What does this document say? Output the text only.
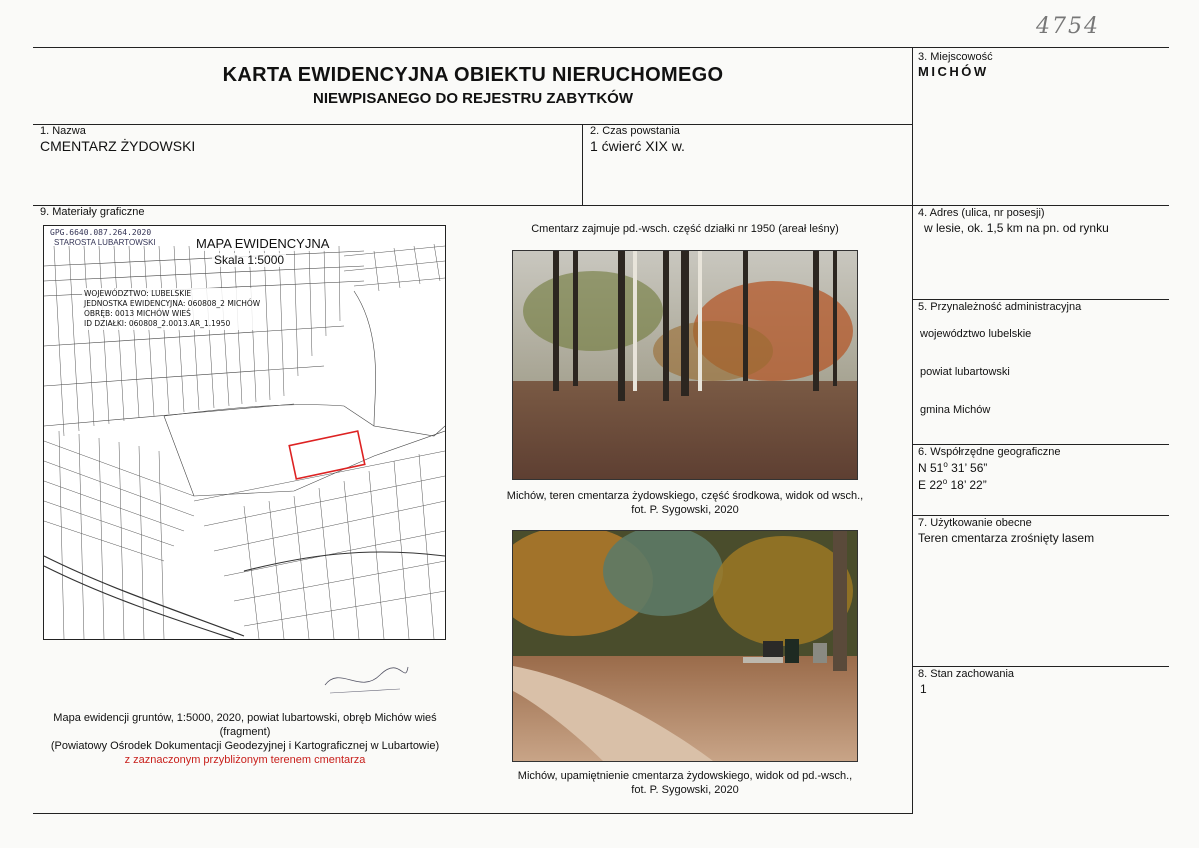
4754
KARTA EWIDENCYJNA OBIEKTU NIERUCHOMEGO
NIEWPISANEGO DO REJESTRU ZABYTKÓW
3. Miejscowość
MICHÓW
1. Nazwa
CMENTARZ ŻYDOWSKI
2. Czas powstania
1 ćwierć XIX w.
9. Materiały graficzne	4. Adres (ulica, nr posesji)
w lesie, ok. 1,5 km na pn. od rynku
5. Przynależność administracyjna
województwo lubelskie
powiat lubartowski
gmina Michów
6. Współrzędne geograficzne
N 51$^o$ 31’ 56”
E 22$^o$ 18’ 22”
7. Użytkowanie obecne
Teren cmentarza zrośnięty lasem
8. Stan zachowania
1
GPG.6640.087.264.2020
STAROSTA LUBARTOWSKI	MAPA EWIDENCYJNA
Skala 1:5000
WOJEWÓDZTWO: LUBELSKIE
JEDNOSTKA EWIDENCYJNA: 060808_2 MICHÓW
OBRĘB: 0013 MICHÓW WIEŚ
ID DZIAŁKI: 060808_2.0013.AR_1.1950
Mapa ewidencji gruntów, 1:5000, 2020, powiat lubartowski, obręb Michów wieś
(fragment)
(Powiatowy Ośrodek Dokumentacji Geodezyjnej i Kartograficznej w Lubartowie)
z zaznaczonym przybliżonym terenem cmentarza
Cmentarz zajmuje pd.-wsch. część działki nr 1950 (areał leśny)
Michów, teren cmentarza żydowskiego, część środkowa, widok od wsch.,
fot. P. Sygowski, 2020
Michów, upamiętnienie cmentarza żydowskiego, widok od pd.-wsch.,
fot. P. Sygowski, 2020
